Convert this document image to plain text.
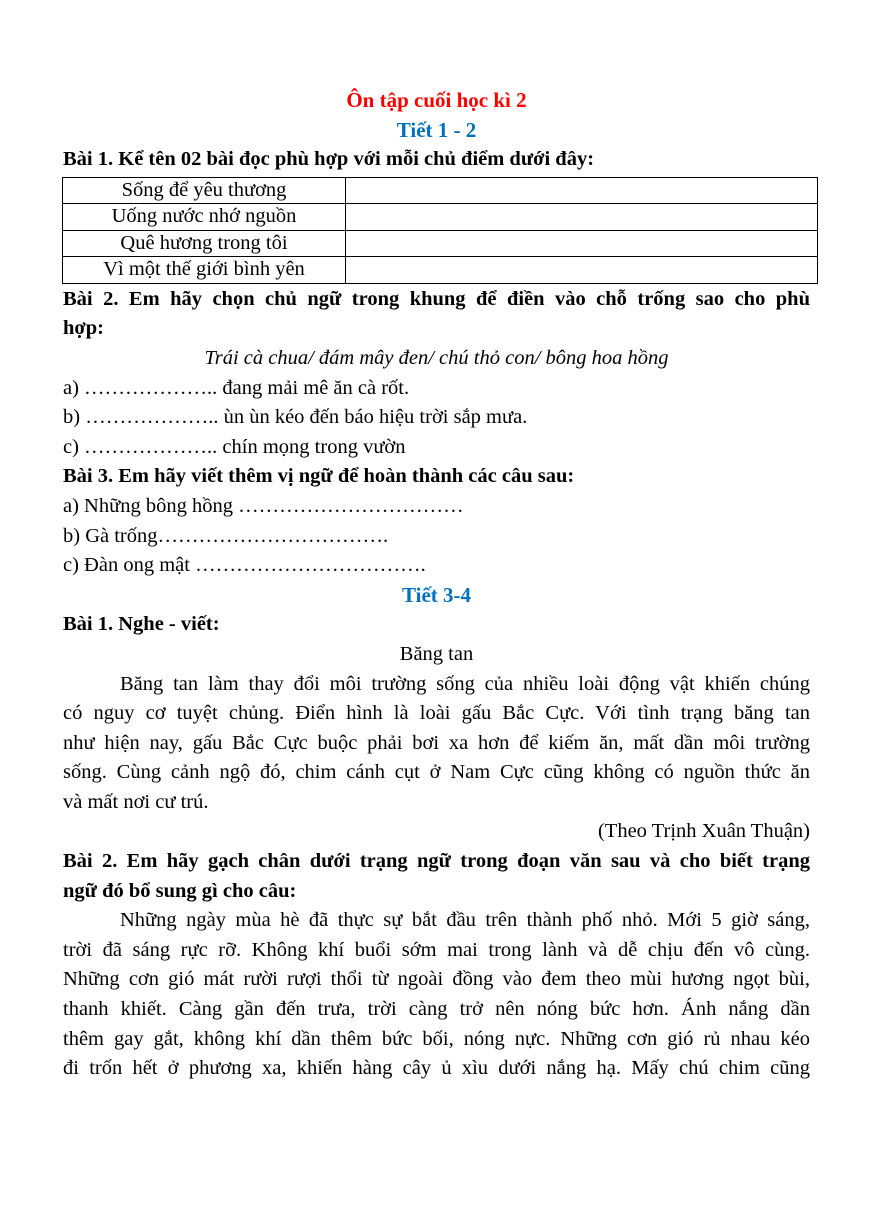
Ôn tập cuối học kì 2
Tiết 1 - 2
Bài 1. Kể tên 02 bài đọc phù hợp với mỗi chủ điểm dưới đây:
Sống để yêu thương	
Uống nước nhớ nguồn	
Quê hương trong tôi	
Vì một thế giới bình yên	
Bài 2. Em hãy chọn chủ ngữ trong khung để điền vào chỗ trống sao cho phù
hợp:
Trái cà chua/ đám mây đen/ chú thỏ con/ bông hoa hồng
a) ……………….. đang mải mê ăn cà rốt.
b) ……………….. ùn ùn kéo đến báo hiệu trời sắp mưa.
c) ……………….. chín mọng trong vườn
Bài 3. Em hãy viết thêm vị ngữ để hoàn thành các câu sau:
a) Những bông hồng ……………………………
b) Gà trống…………………………….
c) Đàn ong mật …………………………….
Tiết 3-4
Bài 1. Nghe - viết:
Băng tan
Băng tan làm thay đổi môi trường sống của nhiều loài động vật khiến chúng
có nguy cơ tuyệt chủng. Điển hình là loài gấu Bắc Cực. Với tình trạng băng tan
như hiện nay, gấu Bắc Cực buộc phải bơi xa hơn để kiếm ăn, mất dần môi trường
sống. Cùng cảnh ngộ đó, chim cánh cụt ở Nam Cực cũng không có nguồn thức ăn
và mất nơi cư trú.
(Theo Trịnh Xuân Thuận)
Bài 2. Em hãy gạch chân dưới trạng ngữ trong đoạn văn sau và cho biết trạng
ngữ đó bổ sung gì cho câu:
Những ngày mùa hè đã thực sự bắt đầu trên thành phố nhỏ. Mới 5 giờ sáng,
trời đã sáng rực rỡ. Không khí buổi sớm mai trong lành và dễ chịu đến vô cùng.
Những cơn gió mát rười rượi thổi từ ngoài đồng vào đem theo mùi hương ngọt bùi,
thanh khiết. Càng gần đến trưa, trời càng trở nên nóng bức hơn. Ánh nắng dần
thêm gay gắt, không khí dần thêm bức bối, nóng nực. Những cơn gió rủ nhau kéo
đi trốn hết ở phương xa, khiến hàng cây ủ xìu dưới nắng hạ. Mấy chú chim cũng
